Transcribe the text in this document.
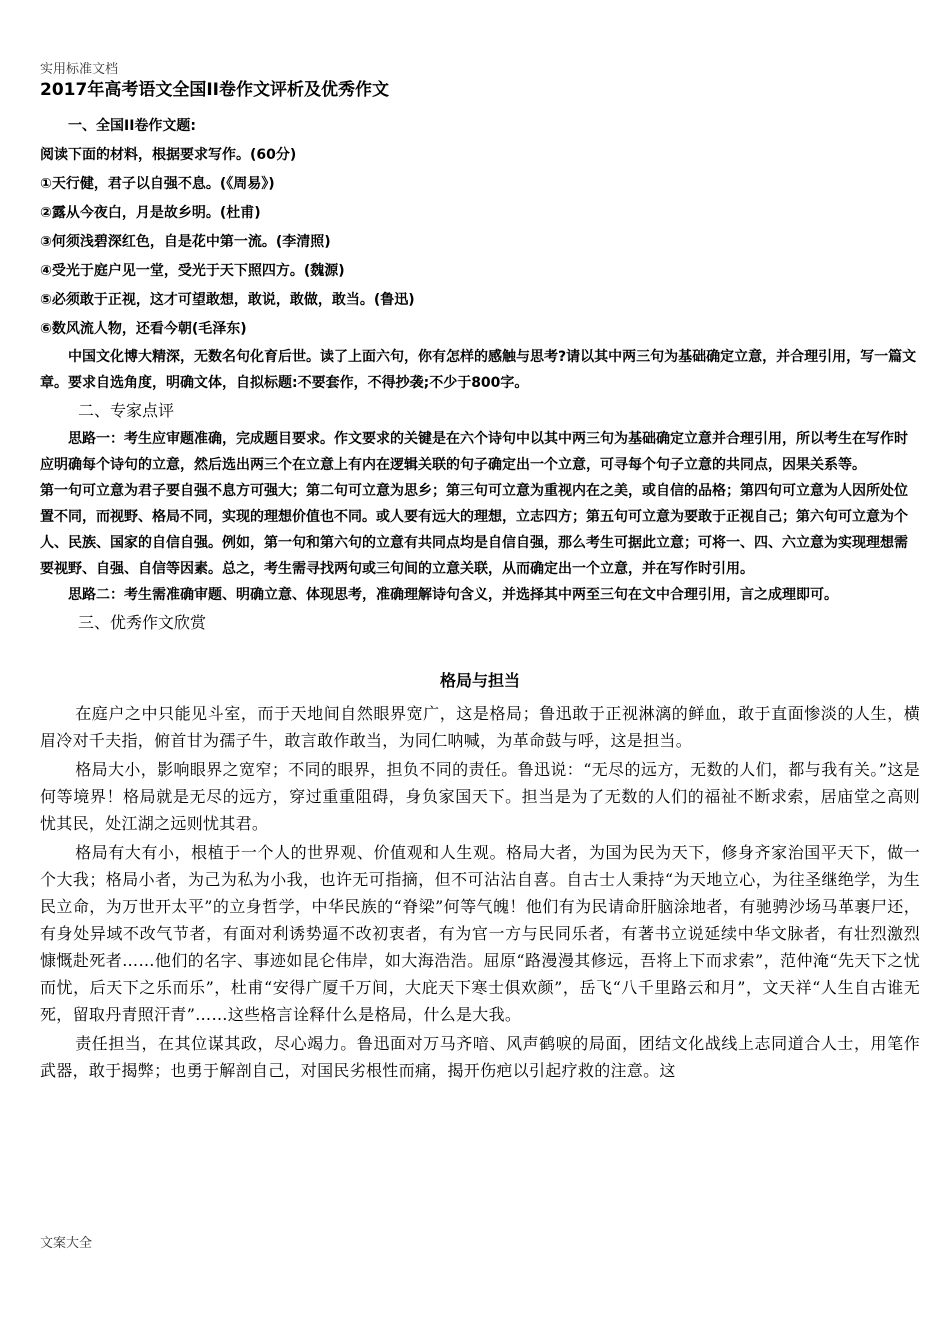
实用标准文档
2017年高考语文全国II卷作文评析及优秀作文

一、全国II卷作文题:

阅读下面的材料，根据要求写作。(60分)

①天行健，君子以自强不息。(《周易》)

②露从今夜白，月是故乡明。(杜甫)

③何须浅碧深红色，自是花中第一流。(李清照)

④受光于庭户见一堂，受光于天下照四方。(魏源)

⑤必须敢于正视，这才可望敢想，敢说，敢做，敢当。(鲁迅)

⑥数风流人物，还看今朝(毛泽东)

中国文化博大精深，无数名句化育后世。读了上面六句，你有怎样的感触与思考?请以其中两三句为基础确定立意，并合理引用，写一篇文章。要求自选角度，明确文体，自拟标题:不要套作，不得抄袭;不少于800字。

二、专家点评

思路一：考生应审题准确，完成题目要求。作文要求的关键是在六个诗句中以其中两三句为基础确定立意并合理引用，所以考生在写作时应明确每个诗句的立意，然后选出两三个在立意上有内在逻辑关联的句子确定出一个立意，可寻每个句子立意的共同点，因果关系等。

第一句可立意为君子要自强不息方可强大；第二句可立意为思乡；第三句可立意为重视内在之美，或自信的品格；第四句可立意为人因所处位置不同，而视野、格局不同，实现的理想价值也不同。或人要有远大的理想，立志四方；第五句可立意为要敢于正视自己；第六句可立意为个人、民族、国家的自信自强。例如，第一句和第六句的立意有共同点均是自信自强，那么考生可据此立意；可将一、四、六立意为实现理想需要视野、自强、自信等因素。总之，考生需寻找两句或三句间的立意关联，从而确定出一个立意，并在写作时引用。

思路二：考生需准确审题、明确立意、体现思考，准确理解诗句含义，并选择其中两至三句在文中合理引用，言之成理即可。

三、优秀作文欣赏

格局与担当

在庭户之中只能见斗室，而于天地间自然眼界宽广，这是格局；鲁迅敢于正视淋漓的鲜血，敢于直面惨淡的人生，横眉冷对千夫指，俯首甘为孺子牛，敢言敢作敢当，为同仁呐喊，为革命鼓与呼，这是担当。

格局大小，影响眼界之宽窄；不同的眼界，担负不同的责任。鲁迅说：“无尽的远方，无数的人们，都与我有关。”这是何等境界！格局就是无尽的远方，穿过重重阻碍，身负家国天下。担当是为了无数的人们的福祉不断求索，居庙堂之高则忧其民，处江湖之远则忧其君。

格局有大有小，根植于一个人的世界观、价值观和人生观。格局大者，为国为民为天下，修身齐家治国平天下，做一个大我；格局小者，为己为私为小我，也许无可指摘，但不可沾沾自喜。自古士人秉持“为天地立心，为往圣继绝学，为生民立命，为万世开太平”的立身哲学，中华民族的“脊梁”何等气魄！他们有为民请命肝脑涂地者，有驰骋沙场马革裹尸还，有身处异域不改气节者，有面对利诱势逼不改初衷者，有为官一方与民同乐者，有著书立说延续中华文脉者，有壮烈激烈慷慨赴死者……他们的名字、事迹如昆仑伟岸，如大海浩浩。屈原“路漫漫其修远，吾将上下而求索”，范仲淹“先天下之忧而忧，后天下之乐而乐”，杜甫“安得广厦千万间，大庇天下寒士俱欢颜”，岳飞“八千里路云和月”，文天祥“人生自古谁无死，留取丹青照汗青”……这些格言诠释什么是格局，什么是大我。

责任担当，在其位谋其政，尽心竭力。鲁迅面对万马齐喑、风声鹤唳的局面，团结文化战线上志同道合人士，用笔作武器，敢于揭弊；也勇于解剖自己，对国民劣根性而痛，揭开伤疤以引起疗救的注意。这

文案大全
